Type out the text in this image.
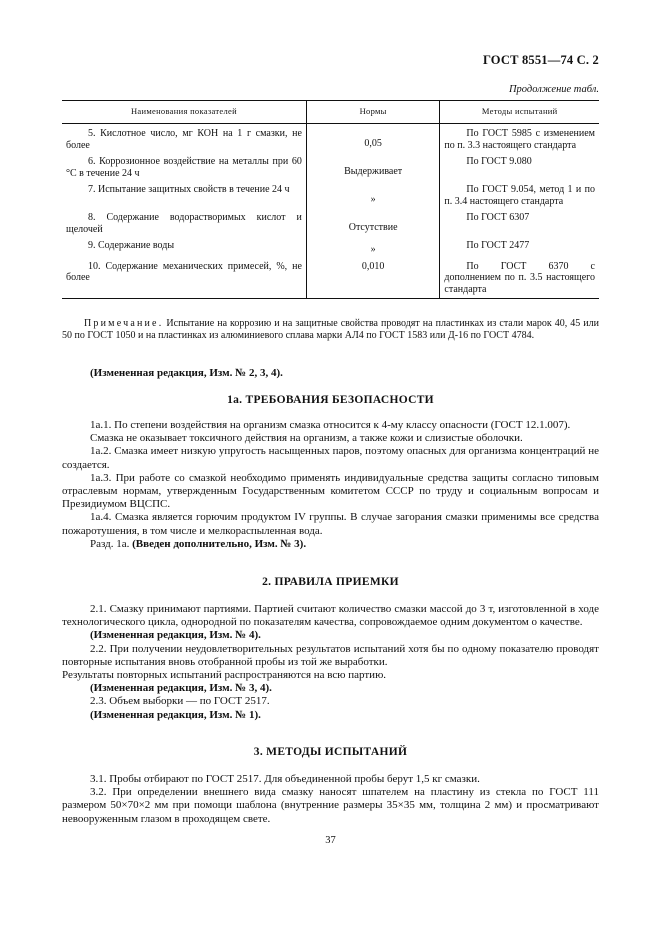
ГОСТ 8551—74 С. 2
Продолжение табл.
Наименования показателей	Нормы	Методы испытаний
5. Кислотное число, мг КОН на 1 г смазки, не более	0,05	По ГОСТ 5985 с изменением по п. 3.3 настоящего стандарта
6. Коррозионное воздействие на металлы при 60 °С в течение 24 ч	Выдерживает	По ГОСТ 9.080
7. Испытание защитных свойств в течение 24 ч	»	По ГОСТ 9.054, метод 1 и по п. 3.4 настоящего стандарта
8. Содержание водорастворимых кислот и щелочей	Отсутствие	По ГОСТ 6307
9. Содержание воды	»	По ГОСТ 2477
10. Содержание механических примесей, %, не более	0,010	По ГОСТ 6370 с дополнением по п. 3.5 настоящего стандарта
Примечание. Испытание на коррозию и на защитные свойства проводят на пластинках из стали марок 40, 45 или 50 по ГОСТ 1050 и на пластинках из алюминиевого сплава марки АЛ4 по ГОСТ 1583 или Д-16 по ГОСТ 4784.

(Измененная редакция, Изм. № 2, 3, 4).

1а. ТРЕБОВАНИЯ БЕЗОПАСНОСТИ

1а.1. По степени воздействия на организм смазка относится к 4-му классу опасности (ГОСТ 12.1.007).

Смазка не оказывает токсичного действия на организм, а также кожи и слизистые оболочки.

1а.2. Смазка имеет низкую упругость насыщенных паров, поэтому опасных для организма концентраций не создается.

1а.3. При работе со смазкой необходимо применять индивидуальные средства защиты согласно типовым отраслевым нормам, утвержденным Государственным комитетом СССР по труду и социальным вопросам и Президиумом ВЦСПС.

1а.4. Смазка является горючим продуктом IV группы. В случае загорания смазки применимы все средства пожаротушения, в том числе и мелкораспыленная вода.

Разд. 1а. (Введен дополнительно, Изм. № 3).

2. ПРАВИЛА ПРИЕМКИ

2.1. Смазку принимают партиями. Партией считают количество смазки массой до 3 т, изготовленной в ходе технологического цикла, однородной по показателям качества, сопровождаемое одним документом о качестве.

(Измененная редакция, Изм. № 4).

2.2. При получении неудовлетворительных результатов испытаний хотя бы по одному показателю проводят повторные испытания вновь отобранной пробы из той же выработки.

Результаты повторных испытаний распространяются на всю партию.

(Измененная редакция, Изм. № 3, 4).

2.3. Объем выборки — по ГОСТ 2517.

(Измененная редакция, Изм. № 1).

3. МЕТОДЫ ИСПЫТАНИЙ

3.1. Пробы отбирают по ГОСТ 2517. Для объединенной пробы берут 1,5 кг смазки.

3.2. При определении внешнего вида смазку наносят шпателем на пластину из стекла по ГОСТ 111 размером 50×70×2 мм при помощи шаблона (внутренние размеры 35×35 мм, толщина 2 мм) и просматривают невооруженным глазом в проходящем свете.

37
